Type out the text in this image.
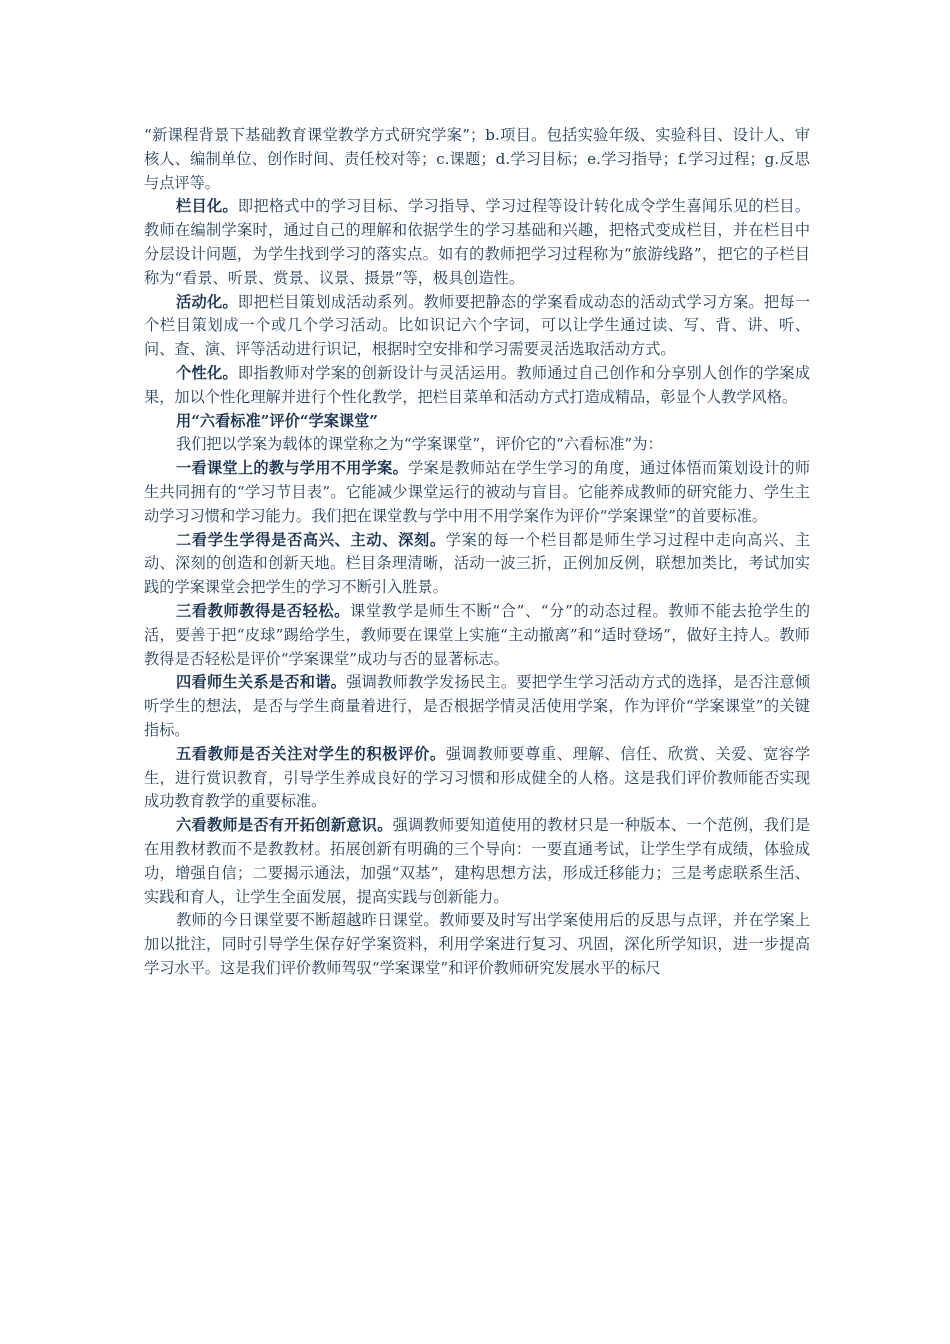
“新课程背景下基础教育课堂教学方式研究学案”；b.项目。包括实验年级、实验科目、设计人、审核人、编制单位、创作时间、责任校对等；c.课题；d.学习目标；e.学习指导；f.学习过程；g.反思与点评等。

栏目化。即把格式中的学习目标、学习指导、学习过程等设计转化成令学生喜闻乐见的栏目。教师在编制学案时，通过自己的理解和依据学生的学习基础和兴趣，把格式变成栏目，并在栏目中分层设计问题，为学生找到学习的落实点。如有的教师把学习过程称为“旅游线路”，把它的子栏目称为“看景、听景、赏景、议景、摄景”等，极具创造性。

活动化。即把栏目策划成活动系列。教师要把静态的学案看成动态的活动式学习方案。把每一个栏目策划成一个或几个学习活动。比如识记六个字词，可以让学生通过读、写、背、讲、听、问、查、演、评等活动进行识记，根据时空安排和学习需要灵活选取活动方式。

个性化。即指教师对学案的创新设计与灵活运用。教师通过自己创作和分享别人创作的学案成果，加以个性化理解并进行个性化教学，把栏目菜单和活动方式打造成精品，彰显个人教学风格。

用“六看标准”评价“学案课堂”

我们把以学案为载体的课堂称之为“学案课堂”，评价它的“六看标准”为：

一看课堂上的教与学用不用学案。学案是教师站在学生学习的角度，通过体悟而策划设计的师生共同拥有的“学习节目表”。它能减少课堂运行的被动与盲目。它能养成教师的研究能力、学生主动学习习惯和学习能力。我们把在课堂教与学中用不用学案作为评价“学案课堂”的首要标准。

二看学生学得是否高兴、主动、深刻。学案的每一个栏目都是师生学习过程中走向高兴、主动、深刻的创造和创新天地。栏目条理清晰，活动一波三折，正例加反例，联想加类比，考试加实践的学案课堂会把学生的学习不断引入胜景。

三看教师教得是否轻松。课堂教学是师生不断“合”、“分”的动态过程。教师不能去抢学生的活，要善于把“皮球”踢给学生，教师要在课堂上实施“主动撤离”和“适时登场”，做好主持人。教师教得是否轻松是评价“学案课堂”成功与否的显著标志。

四看师生关系是否和谐。强调教师教学发扬民主。要把学生学习活动方式的选择，是否注意倾听学生的想法，是否与学生商量着进行，是否根据学情灵活使用学案，作为评价“学案课堂”的关键指标。

五看教师是否关注对学生的积极评价。强调教师要尊重、理解、信任、欣赏、关爱、宽容学生，进行赏识教育，引导学生养成良好的学习习惯和形成健全的人格。这是我们评价教师能否实现成功教育教学的重要标准。

六看教师是否有开拓创新意识。强调教师要知道使用的教材只是一种版本、一个范例，我们是在用教材教而不是教教材。拓展创新有明确的三个导向：一要直通考试，让学生学有成绩，体验成功，增强自信；二要揭示通法，加强“双基”，建构思想方法，形成迁移能力；三是考虑联系生活、实践和育人，让学生全面发展，提高实践与创新能力。

教师的今日课堂要不断超越昨日课堂。教师要及时写出学案使用后的反思与点评，并在学案上加以批注，同时引导学生保存好学案资料，利用学案进行复习、巩固，深化所学知识，进一步提高学习水平。这是我们评价教师驾驭“学案课堂”和评价教师研究发展水平的标尺
